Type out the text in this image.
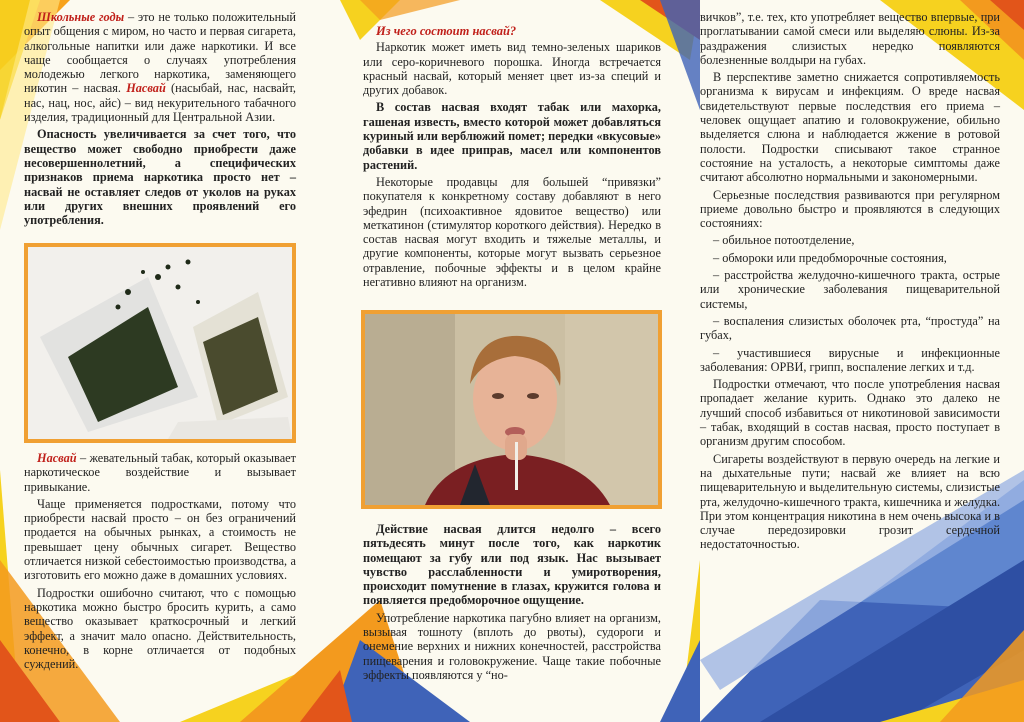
Школьные годы – это не только положительный опыт общения с миром, но часто и первая сигарета, алкогольные напитки или даже наркотики. И все чаще сообщается о случаях употребления молодежью легкого наркотика, заменяющего никотин – насвая. Насвай (насыбай, нас, насвайт, нас, нац, нос, айс) – вид некурительного табачного изделия, традиционный для Центральной Азии.

Опасность увеличивается за счет того, что вещество может свободно приобрести даже несовершеннолетний, а специфических признаков приема наркотика просто нет – насвай не оставляет следов от уколов на руках или других внешних проявлений его употребления.

Насвай – жевательный табак, который оказывает наркотическое воздействие и вызывает привыкание.

Чаще применяется подростками, потому что приобрести насвай просто – он без ограничений продается на обычных рынках, а стоимость не превышает цену обычных сигарет. Вещество отличается низкой себестоимостью производства, а изготовить его можно даже в домашних условиях.

Подростки ошибочно считают, что с помощью наркотика можно быстро бросить курить, а само вещество оказывает краткосрочный и легкий эффект, а значит мало опасно. Действительность, конечно, в корне отличается от подобных суждений.

Из чего состоит насвай?

Наркотик может иметь вид темно-зеленых шариков или серо-коричневого порошка. Иногда встречается красный насвай, который меняет цвет из-за специй и других добавок.

В состав насвая входят табак или махорка, гашеная известь, вместо которой может добавляться куриный или верблюжий помет; передки «вкусовые» добавки в идее приправ, масел или компонентов растений.

Некоторые продавцы для большей “привязки” покупателя к конкретному составу добавляют в него эфедрин (психоактивное ядовитое вещество) или меткатинон (стимулятор короткого действия). Нередко в состав насвая могут входить и тяжелые металлы, и другие компоненты, которые могут вызвать серьезное отравление, побочные эффекты и в целом крайне негативно влияют на организм.

Действие насвая длится недолго – всего пятьдесять минут после того, как наркотик помещают за губу или под язык. Нас вызывает чувство расслабленности и умиротворения, происходит помутнение в глазах, кружится голова и появляется предобморочное ощущение.

Употребление наркотика пагубно влияет на организм, вызывая тошноту (вплоть до рвоты), судороги и онемение верхних и нижних конечностей, расстройства пищеварения и головокружение. Чаще такие побочные эффекты появляются у “но-

вичков”, т.е. тех, кто употребляет вещество впервые, при проглатывании самой смеси или выделяю слюны. Из-за раздражения слизистых нередко появляются болезненные волдыри на губах.

В перспективе заметно снижается сопротивляемость организма к вирусам и инфекциям. О вреде насвая свидетельствуют первые последствия его приема – человек ощущает апатию и головокружение, обильно выделяется слюна и наблюдается жжение в ротовой полости. Подростки списывают такое странное состояние на усталость, а некоторые симптомы даже считают абсолютно нормальными и закономерными.

Серьезные последствия развиваются при регулярном приеме довольно быстро и проявляются в следующих состояниях:

– обильное потоотделение,

– обмороки или предобморочные состояния,

– расстройства желудочно-кишечного тракта, острые или хронические заболевания пищеварительной системы,

– воспаления слизистых оболочек рта, “простуда” на губах,

– участившиеся вирусные и инфекционные заболевания: ОРВИ, грипп, воспаление легких и т.д.

Подростки отмечают, что после употребления насвая пропадает желание курить. Однако это далеко не лучший способ избавиться от никотиновой зависимости – табак, входящий в состав насвая, просто поступает в организм другим способом.

Сигареты воздействуют в первую очередь на легкие и на дыхательные пути; насвай же влияет на всю пищеварительную и выделительную системы, слизистые рта, желудочно-кишечного тракта, кишечника и желудка. При этом концентрация никотина в нем очень высока и в случае передозировки грозит сердечной недостаточностью.
